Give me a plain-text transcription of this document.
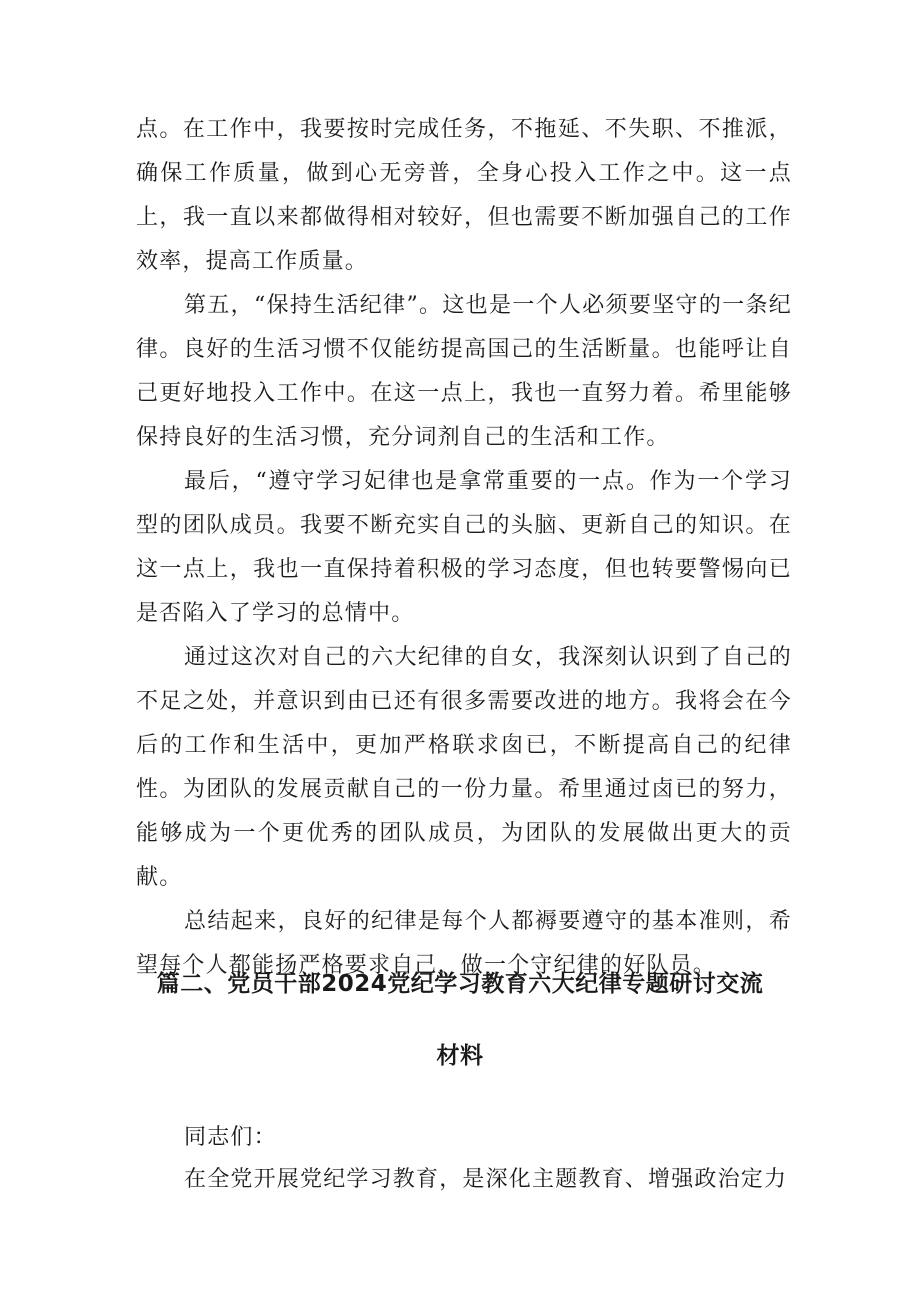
点。在工作中，我要按时完成任务，不拖延、不失职、不推派，确保工作质量，做到心无旁普，全身心投入工作之中。这一点上，我一直以来都做得相对较好，但也需要不断加强自己的工作效率，提高工作质量。

第五，“保持生活纪律”。这也是一个人必须要坚守的一条纪律。良好的生活习惯不仅能纺提高国己的生活断量。也能呼让自己更好地投入工作中。在这一点上，我也一直努力着。希里能够保持良好的生活习惯，充分词剂自己的生活和工作。

最后，“遵守学习妃律也是拿常重要的一点。作为一个学习型的团队成员。我要不断充实自己的头脑、更新自己的知识。在这一点上，我也一直保持着积极的学习态度，但也转要警惕向已是否陷入了学习的总情中。

通过这次对自己的六大纪律的自女，我深刻认识到了自己的不足之处，并意识到由已还有很多需要改进的地方。我将会在今后的工作和生活中，更加严格联求囱已，不断提高自己的纪律性。为团队的发展贡献自己的一份力量。希里通过卤已的努力，能够成为一个更优秀的团队成员，为团队的发展做出更大的贡献。

总结起来，良好的纪律是每个人都褥要遵守的基本准则，希望每个人都能扬严格要求自己，做一个守纪律的好队员。

篇二、党员干部2024党纪学习教育六大纪律专题研讨交流
材料

同志们：

在全党开展党纪学习教育，是深化主题教育、增强政治定力
